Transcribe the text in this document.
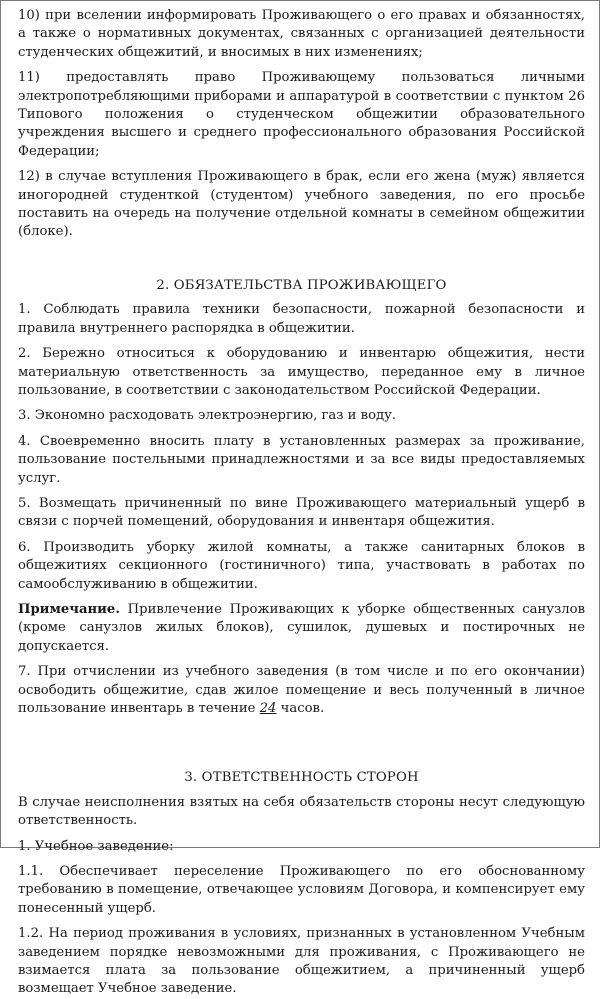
10) при вселении информировать Проживающего о его правах и обязанностях, а также о нормативных документах, связанных с организацией деятельности студенческих общежитий, и вносимых в них изменениях;

11) предоставлять право Проживающему пользоваться личными электропотребляющими приборами и аппаратурой в соответствии с пунктом 26 Типового положения о студенческом общежитии образовательного учреждения высшего и среднего профессионального образования Российской Федерации;

12) в случае вступления Проживающего в брак, если его жена (муж) является иногородней студенткой (студентом) учебного заведения, по его просьбе поставить на очередь на получение отдельной комнаты в семейном общежитии (блоке).

2. ОБЯЗАТЕЛЬСТВА ПРОЖИВАЮЩЕГО

1. Соблюдать правила техники безопасности, пожарной безопасности и правила внутреннего распорядка в общежитии.

2. Бережно относиться к оборудованию и инвентарю общежития, нести материальную ответственность за имущество, переданное ему в личное пользование, в соответствии с законодательством Российской Федерации.

3. Экономно расходовать электроэнергию, газ и воду.

4. Своевременно вносить плату в установленных размерах за проживание, пользование постельными принадлежностями и за все виды предоставляемых услуг.

5. Возмещать причиненный по вине Проживающего материальный ущерб в связи с порчей помещений, оборудования и инвентаря общежития.

6. Производить уборку жилой комнаты, а также санитарных блоков в общежитиях секционного (гостиничного) типа, участвовать в работах по самообслуживанию в общежитии.

Примечание. Привлечение Проживающих к уборке общественных санузлов (кроме санузлов жилых блоков), сушилок, душевых и постирочных не допускается.

7. При отчислении из учебного заведения (в том числе и по его окончании) освободить общежитие, сдав жилое помещение и весь полученный в личное пользование инвентарь в течение 24 часов.

3. ОТВЕТСТВЕННОСТЬ СТОРОН

В случае неисполнения взятых на себя обязательств стороны несут следующую ответственность.

1. Учебное заведение:

1.1. Обеспечивает переселение Проживающего по его обоснованному требованию в помещение, отвечающее условиям Договора, и компенсирует ему понесенный ущерб.

1.2. На период проживания в условиях, признанных в установленном Учебным заведением порядке невозможными для проживания, с Проживающего не взимается плата за пользование общежитием, а причиненный ущерб возмещает Учебное заведение.
